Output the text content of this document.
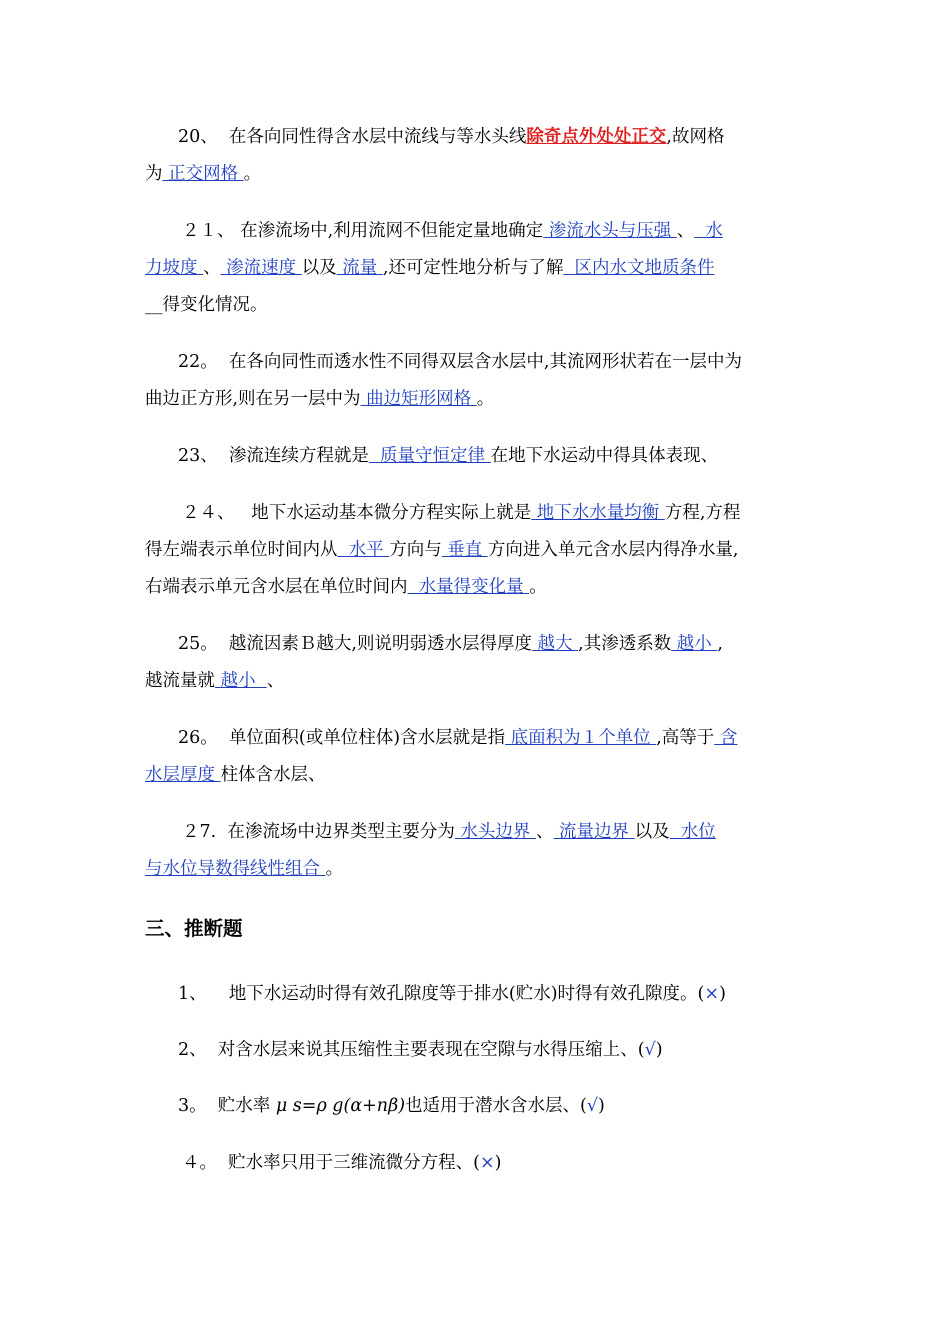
20、 在各向同性得含水层中流线与等水头线除奇点外处处正交,故网格
为 正交网格 。
２１、 在渗流场中,利用流网不但能定量地确定 渗流水头与压强 、  水
力坡度 、 渗流速度 以及 流量 ,还可定性地分析与了解  区内水文地质条件
__得变化情况。
22。 在各向同性而透水性不同得双层含水层中,其流网形状若在一层中为
曲边正方形,则在另一层中为 曲边矩形网格 。
23、 渗流连续方程就是  质量守恒定律 在地下水运动中得具体表现、
２４、 地下水运动基本微分方程实际上就是 地下水水量均衡 方程,方程
得左端表示单位时间内从  水平 方向与 垂直 方向进入单元含水层内得净水量,
右端表示单元含水层在单位时间内  水量得变化量 。
25。 越流因素Ｂ越大,则说明弱透水层得厚度 越大 ,其渗透系数 越小 ,
越流量就 越小  、
26。 单位面积(或单位柱体)含水层就是指 底面积为１个单位 ,高等于 含
水层厚度 柱体含水层、
２7. 在渗流场中边界类型主要分为 水头边界 、 流量边界 以及  水位
与水位导数得线性组合 。
三、推断题
1、 地下水运动时得有效孔隙度等于排水(贮水)时得有效孔隙度。(×)
2、 对含水层来说其压缩性主要表现在空隙与水得压缩上、(√)
3。 贮水率 μ s=ρ g(α+nβ)也适用于潜水含水层、(√)
４。 贮水率只用于三维流微分方程、(×)
